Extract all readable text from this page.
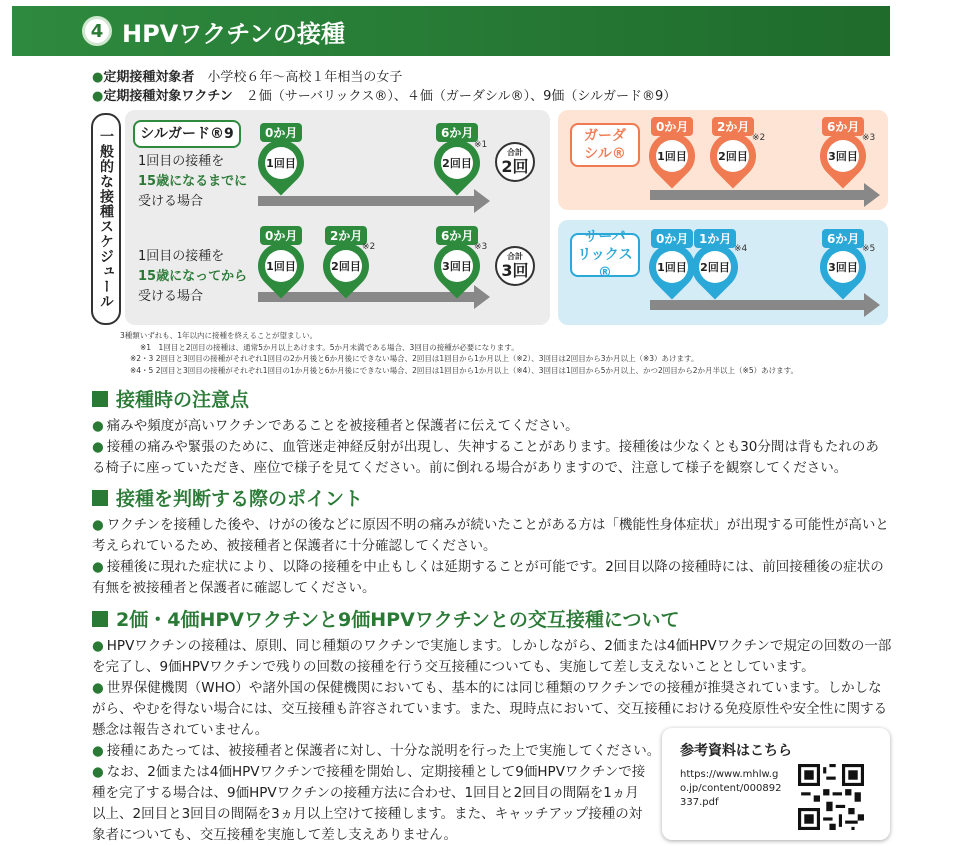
4 HPVワクチンの接種
●定期接種対象者　 小学校６年〜高校１年相当の女子
●定期接種対象ワクチン　 ２価（サーバリックス®）、４価（ガーダシル®）、9価（シルガード®9）
一般的な接種スケジュール	シルガード®9
1回目の接種を
15歳になるまでに
受ける場合
1回目の接種を
15歳になってから
受ける場合
0か月
1回目
6か月
2回目
※1
合計
2回
0か月
1回目
2か月
2回目
※2
6か月
3回目
※3
合計
3回
ガーダ
シル®
0か月
1回目
2か月
2回目
※2
6か月
3回目
※3
サーバ
リックス®
0か月
1回目
1か月
2回目
※4
6か月
3回目
※5
3種類いずれも、1年以内に接種を終えることが望ましい。
※1　1回目と2回目の接種は、通常5か月以上あけます。5か月未満である場合、3回目の接種が必要になります。
※2・3 2回目と3回目の接種がそれぞれ1回目の2か月後と6か月後にできない場合、2回目は1回目から1か月以上（※2）、3回目は2回目から3か月以上（※3）あけます。
※4・5 2回目と3回目の接種がそれぞれ1回目の1か月後と6か月後にできない場合、2回目は1回目から1か月以上（※4）、3回目は1回目から5か月以上、かつ2回目から2か月半以上（※5）あけます。
接種時の注意点
● 痛みや頻度が高いワクチンであることを被接種者と保護者に伝えてください。
● 接種の痛みや緊張のために、血管迷走神経反射が出現し、失神することがあります。接種後は少なくとも30分間は背もたれのある椅子に座っていただき、座位で様子を見てください。前に倒れる場合がありますので、注意して様子を観察してください。
接種を判断する際のポイント
● ワクチンを接種した後や、けがの後などに原因不明の痛みが続いたことがある方は「機能性身体症状」が出現する可能性が高いと考えられているため、被接種者と保護者に十分確認してください。
● 接種後に現れた症状により、以降の接種を中止もしくは延期することが可能です。2回目以降の接種時には、前回接種後の症状の有無を被接種者と保護者に確認してください。
2価・4価HPVワクチンと9価HPVワクチンとの交互接種について
● HPVワクチンの接種は、原則、同じ種類のワクチンで実施します。しかしながら、2価または4価HPVワクチンで規定の回数の一部を完了し、9価HPVワクチンで残りの回数の接種を行う交互接種についても、実施して差し支えないこととしています。
● 世界保健機関（WHO）や諸外国の保健機関においても、基本的には同じ種類のワクチンでの接種が推奨されています。しかしながら、やむを得ない場合には、交互接種も許容されています。また、現時点において、交互接種における免疫原性や安全性に関する懸念は報告されていません。
● 接種にあたっては、被接種者と保護者に対し、十分な説明を行った上で実施してください。
● なお、2価または4価HPVワクチンで接種を開始し、定期接種として9価HPVワクチンで接種を完了する場合は、9価HPVワクチンの接種方法に合わせ、1回目と2回目の間隔を1ヵ月以上、2回目と3回目の間隔を3ヵ月以上空けて接種します。また、キャッチアップ接種の対象者についても、交互接種を実施して差し支えありません。
参考資料はこちら
https://www.mhlw.go.jp/content/000892337.pdf
